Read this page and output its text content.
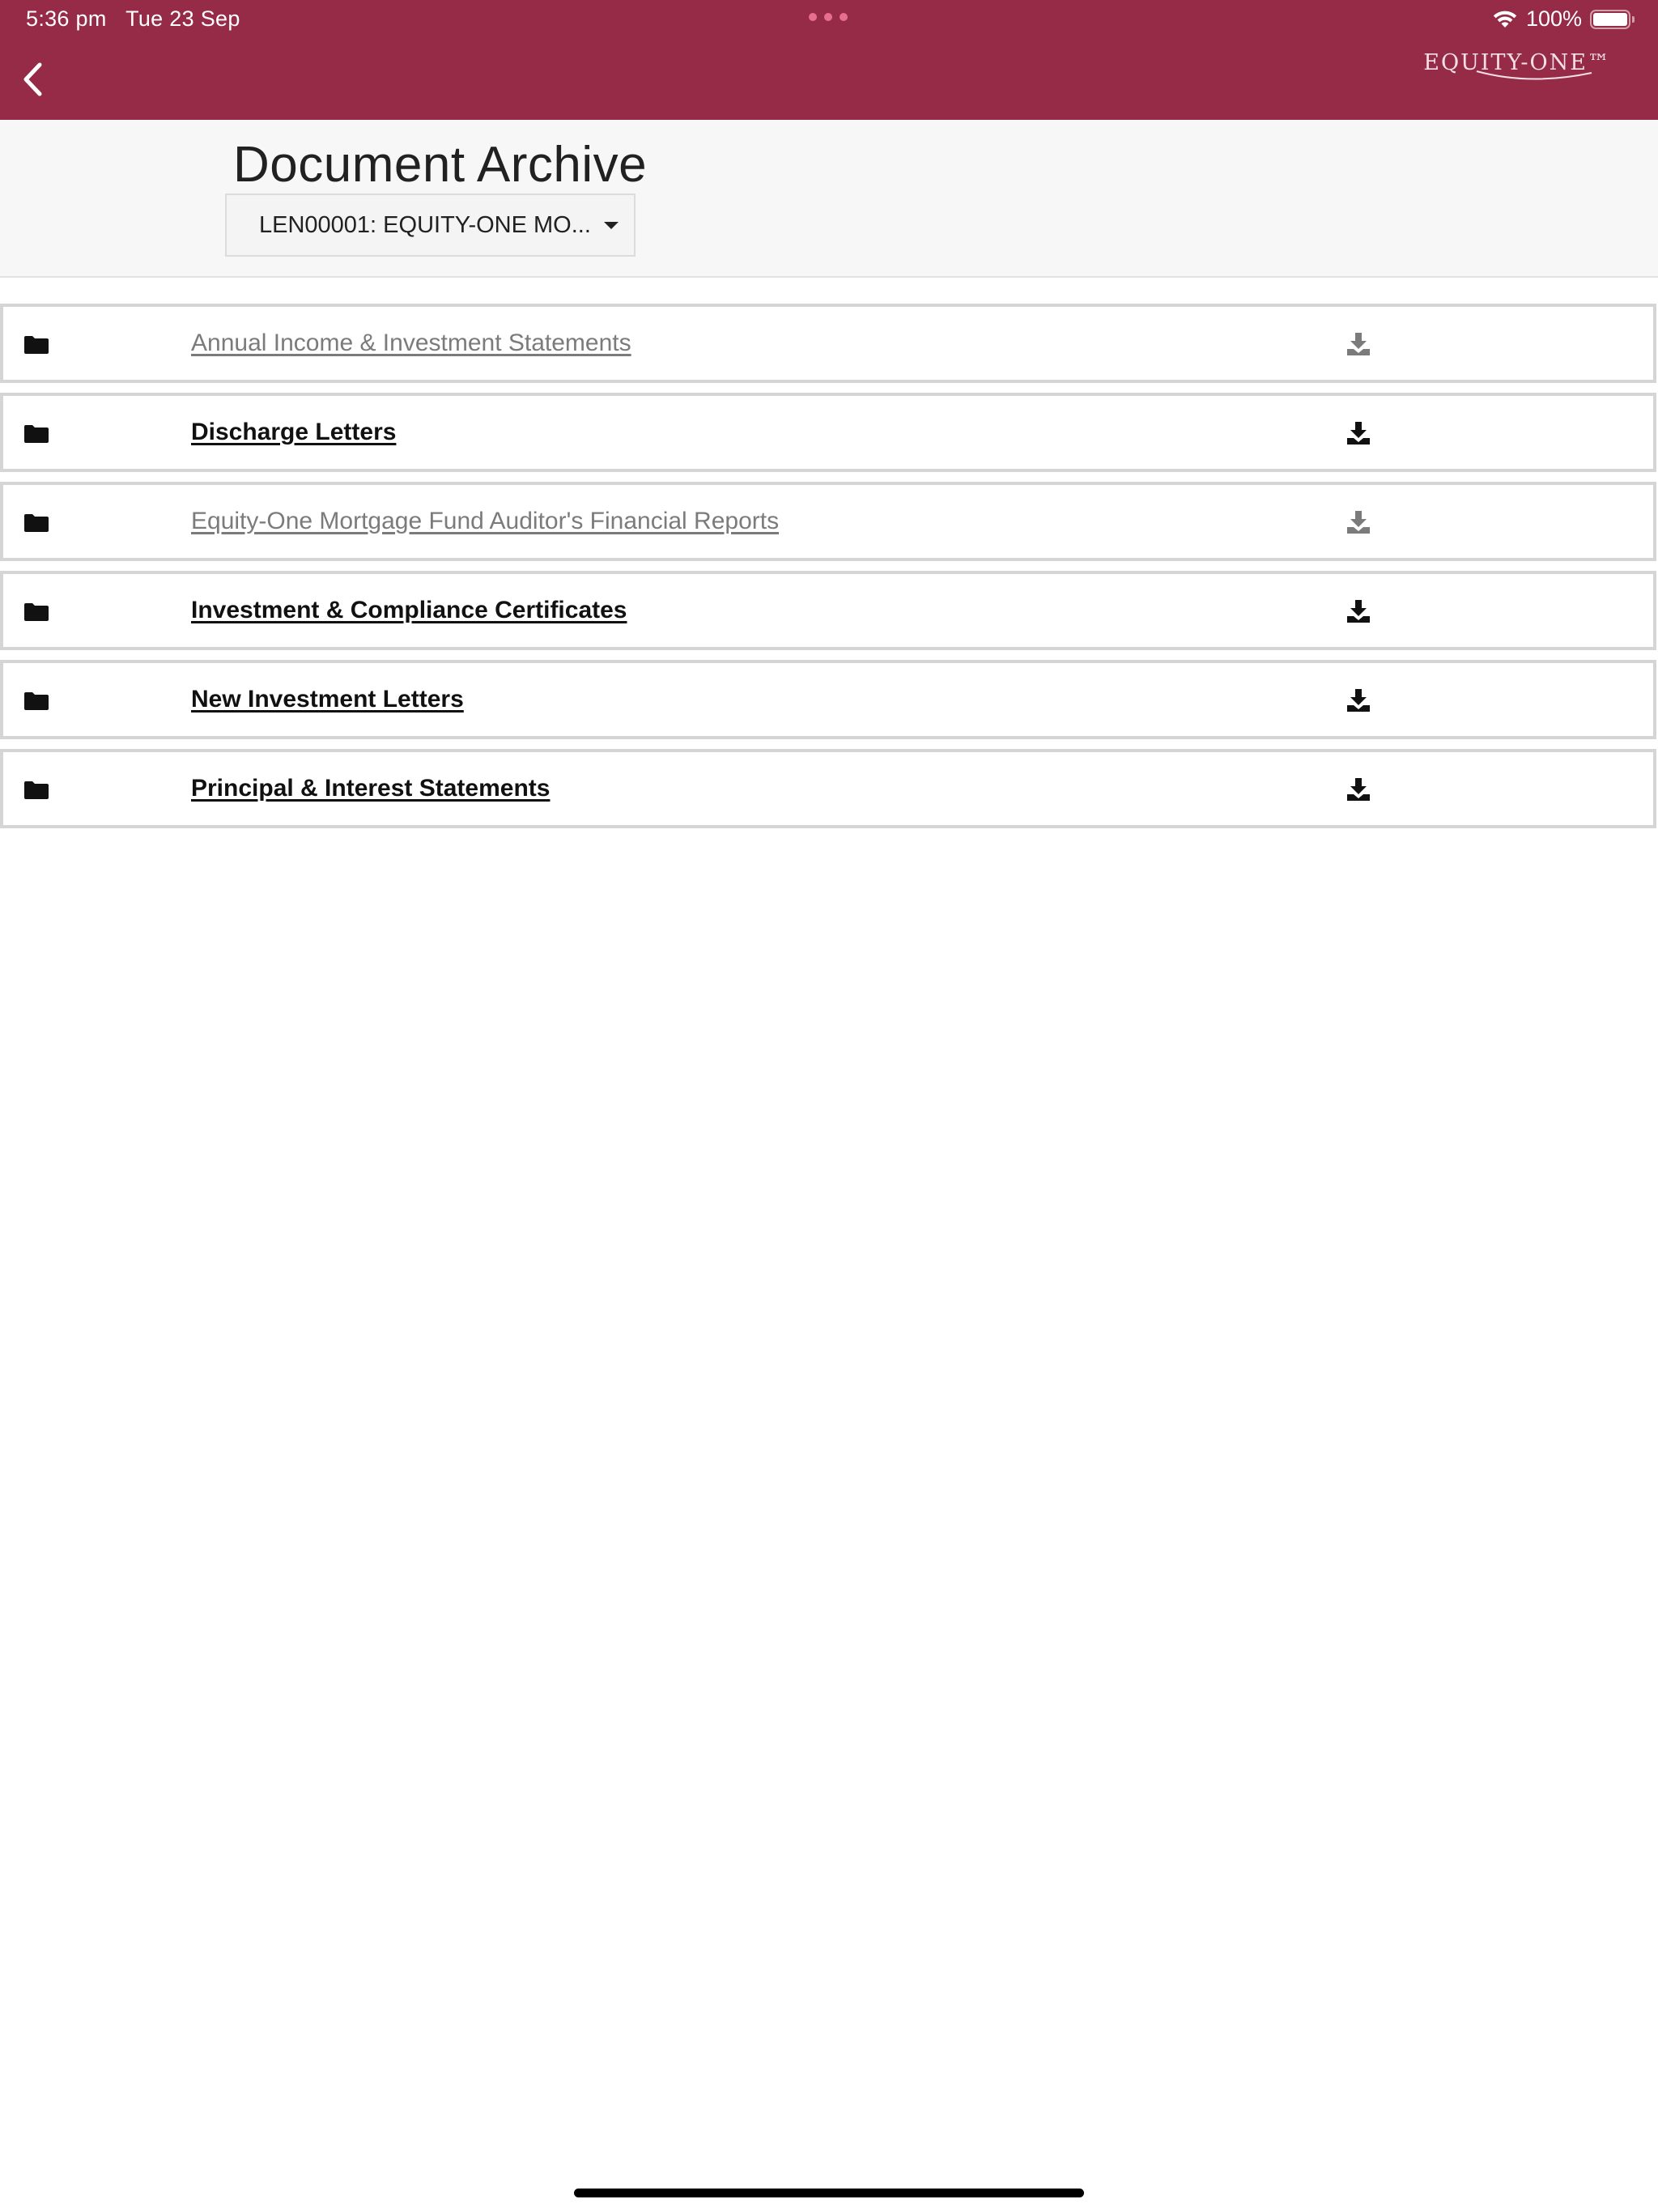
5:36 pm Tue 23 Sep	100%
EQUITY-ONE™
Document Archive
LEN00001: EQUITY-ONE MO...
Annual Income & Investment Statements
Discharge Letters
Equity-One Mortgage Fund Auditor's Financial Reports
Investment & Compliance Certificates
New Investment Letters
Principal & Interest Statements
